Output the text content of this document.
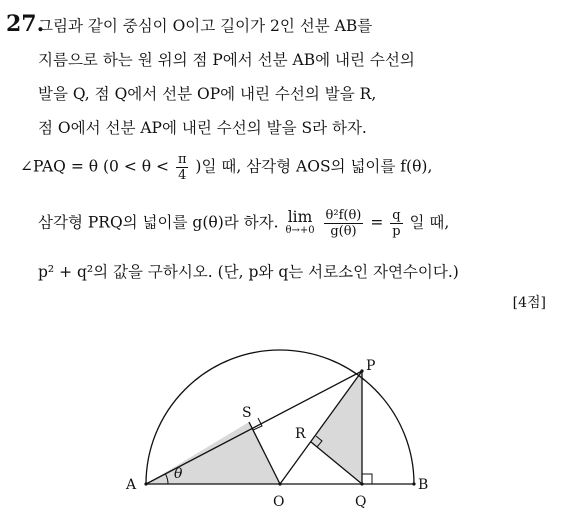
27.
그림과 같이 중심이 O이고 길이가 2인 선분 AB를
지름으로 하는 원 위의 점 P에서 선분 AB에 내린 수선의
발을 Q, 점 Q에서 선분 OP에 내린 수선의 발을 R,
점 O에서 선분 AP에 내린 수선의 발을 S라 하자.
∠PAQ = θ ($0 < \theta < \frac{\pi}{4}$ )일 때, 삼각형 AOS의 넓이를 f(θ),
삼각형 PRQ의 넓이를 g(θ)라 하자. lim
θ→+0
$\frac{\text{θ²f(θ)}}{g(\theta)} = \frac{q}{p}$ 일 때,
p² + q²의 값을 구하시오. (단, p와 q는 서로소인 자연수이다.)
[4점]
A	B
O	Q
P
R
S
θ
